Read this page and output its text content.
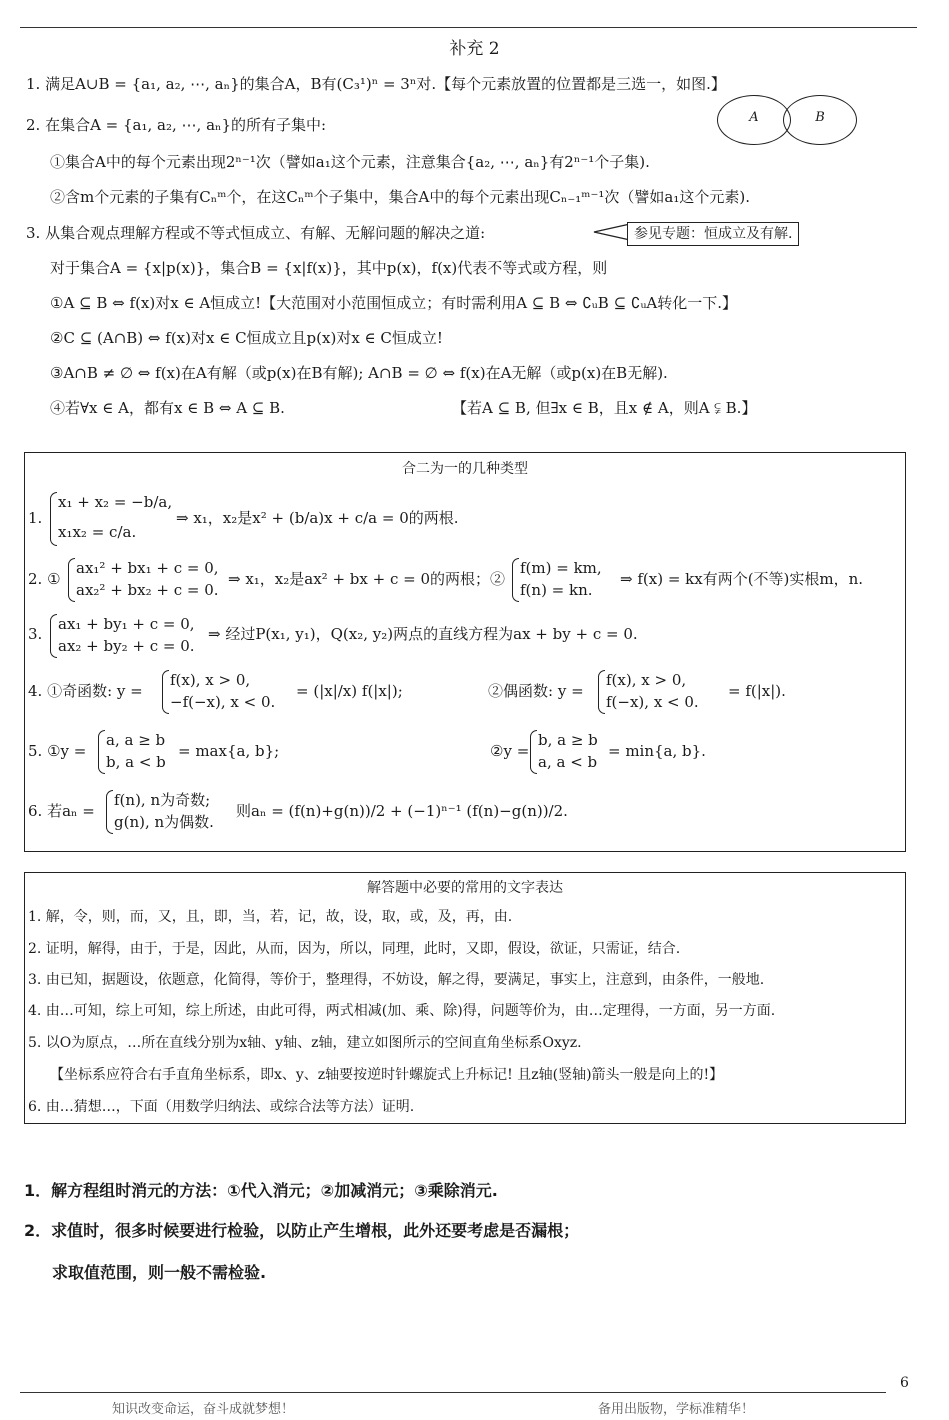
补充 2
1. 满足A∪B = {a₁, a₂, ⋯, aₙ}的集合A，B有(C₃¹)ⁿ = 3ⁿ对.【每个元素放置的位置都是三选一，如图.】
A	B
2. 在集合A = {a₁, a₂, ⋯, aₙ}的所有子集中:
①集合A中的每个元素出现2ⁿ⁻¹次（譬如a₁这个元素，注意集合{a₂, ⋯, aₙ}有2ⁿ⁻¹个子集).
②含m个元素的子集有Cₙᵐ个，在这Cₙᵐ个子集中，集合A中的每个元素出现Cₙ₋₁ᵐ⁻¹次（譬如a₁这个元素).
3. 从集合观点理解方程或不等式恒成立、有解、无解问题的解决之道:	参见专题：恒成立及有解.
对于集合A = {x|p(x)}，集合B = {x|f(x)}，其中p(x)，f(x)代表不等式或方程，则
①A ⊆ B ⇔ f(x)对x ∈ A恒成立!【大范围对小范围恒成立；有时需利用A ⊆ B ⇔ ∁ᵤB ⊆ ∁ᵤA转化一下.】
②C ⊆ (A∩B) ⇔ f(x)对x ∈ C恒成立且p(x)对x ∈ C恒成立!
③A∩B ≠ ∅ ⇔ f(x)在A有解（或p(x)在B有解); A∩B = ∅ ⇔ f(x)在A无解（或p(x)在B无解).
④若∀x ∈ A，都有x ∈ B ⇔ A ⊆ B.	【若A ⊆ B, 但∃x ∈ B，且x ∉ A，则A ⫋ B.】
合二为一的几种类型
1.
x₁ + x₂ = −b/a,
x₁x₂ = c/a.
⇒ x₁，x₂是x² + (b/a)x + c/a = 0的两根.
2. ①
ax₁² + bx₁ + c = 0,
ax₂² + bx₂ + c = 0.
⇒ x₁，x₂是ax² + bx + c = 0的两根；②
f(m) = km,
f(n) = kn.
⇒ f(x) = kx有两个(不等)实根m，n.
3.
ax₁ + by₁ + c = 0,
ax₂ + by₂ + c = 0.
⇒ 经过P(x₁, y₁)，Q(x₂, y₂)两点的直线方程为ax + by + c = 0.
4. ①奇函数: y =
f(x), x > 0,
−f(−x), x < 0.
= (|x|/x) f(|x|);	②偶函数: y =
f(x), x > 0,
f(−x), x < 0.
= f(|x|).
5. ①y =
a, a ≥ b
b, a < b
= max{a, b};	②y =
b, a ≥ b
a, a < b
= min{a, b}.
6. 若aₙ =
f(n), n为奇数;
g(n), n为偶数.
则aₙ = (f(n)+g(n))/2 + (−1)ⁿ⁻¹ (f(n)−g(n))/2.
解答题中必要的常用的文字表达
1. 解，令，则，而，又，且，即，当，若，记，故，设，取，或，及，再，由.
2. 证明，解得，由于，于是，因此，从而，因为，所以，同理，此时，又即，假设，欲证，只需证，结合.
3. 由已知，据题设，依题意，化简得，等价于，整理得，不妨设，解之得，要满足，事实上，注意到，由条件，一般地.
4. 由…可知，综上可知，综上所述，由此可得，两式相减(加、乘、除)得，问题等价为，由…定理得，一方面，另一方面.
5. 以O为原点，…所在直线分别为x轴、y轴、z轴，建立如图所示的空间直角坐标系Oxyz.
【坐标系应符合右手直角坐标系，即x、y、z轴要按逆时针螺旋式上升标记! 且z轴(竖轴)箭头一般是向上的!】
6. 由…猜想…，下面（用数学归纳法、或综合法等方法）证明.
1．解方程组时消元的方法：①代入消元；②加减消元；③乘除消元.
2．求值时，很多时候要进行检验，以防止产生增根，此外还要考虑是否漏根；
求取值范围，则一般不需检验.
6
知识改变命运，奋斗成就梦想！	备用出版物，学标准精华！
